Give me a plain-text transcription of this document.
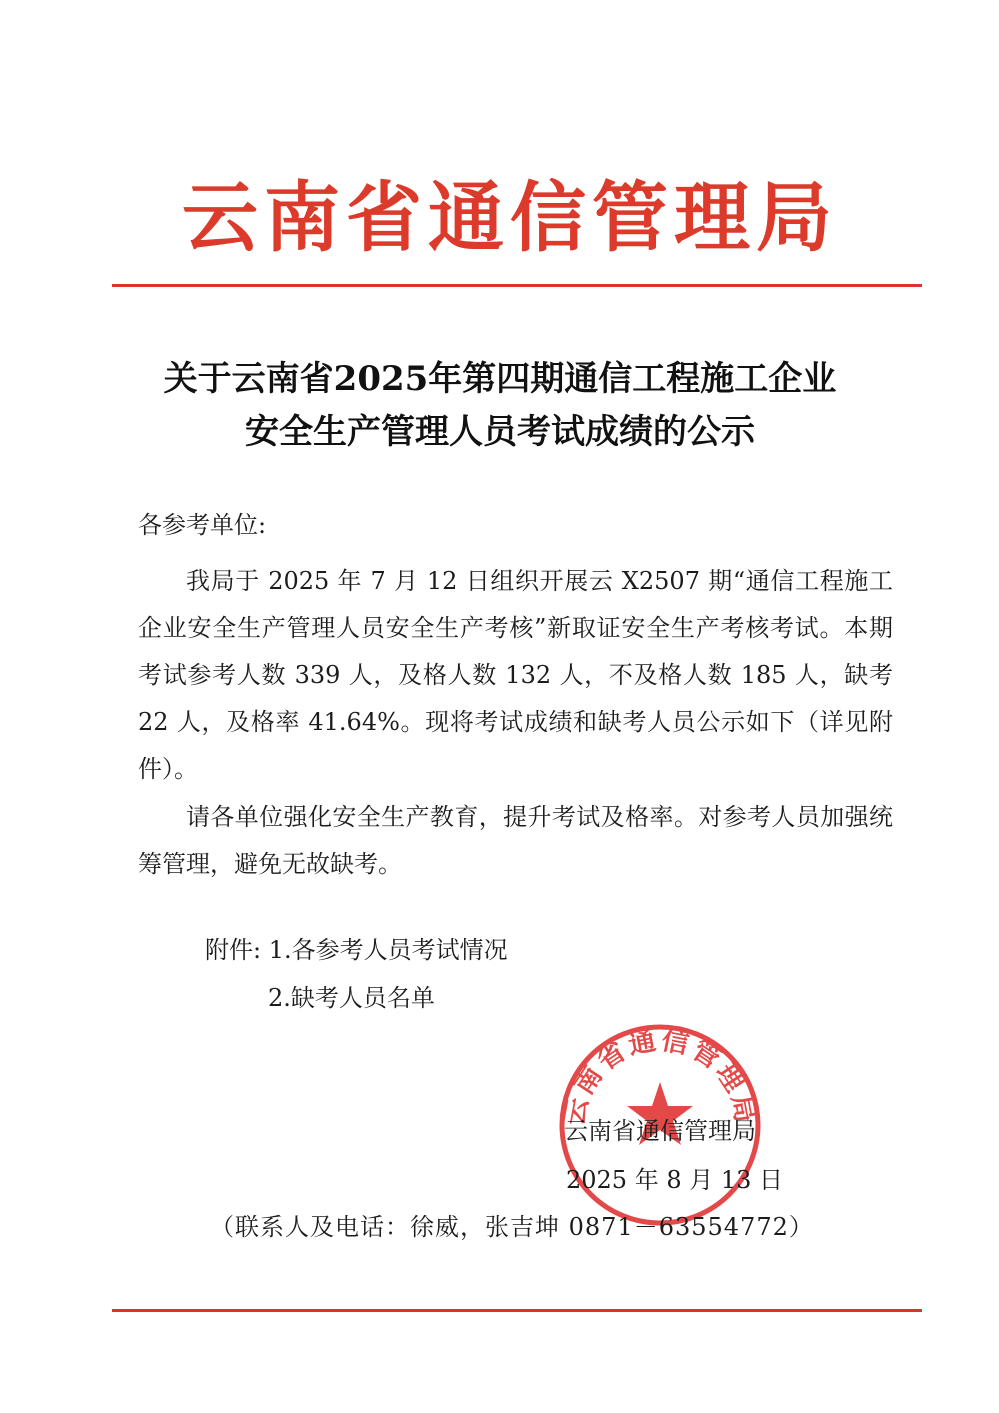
云南省通信管理局
关于云南省2025年第四期通信工程施工企业
安全生产管理人员考试成绩的公示
各参考单位:
我局于 2025 年 7 月 12 日组织开展云 X2507 期“通信工程施工企业安全生产管理人员安全生产考核”新取证安全生产考核考试。本期考试参考人数 339 人，及格人数 132 人，不及格人数 185 人，缺考 22 人，及格率 41.64%。现将考试成绩和缺考人员公示如下（详见附件）。
请各单位强化安全生产教育，提升考试及格率。对参考人员加强统筹管理，避免无故缺考。
附件: 1.各参考人员考试情况
2.缺考人员名单
云南省通信管理局
云南省通信管理局
2025 年 8 月 13 日
（联系人及电话：徐威，张吉坤 0871－63554772）
